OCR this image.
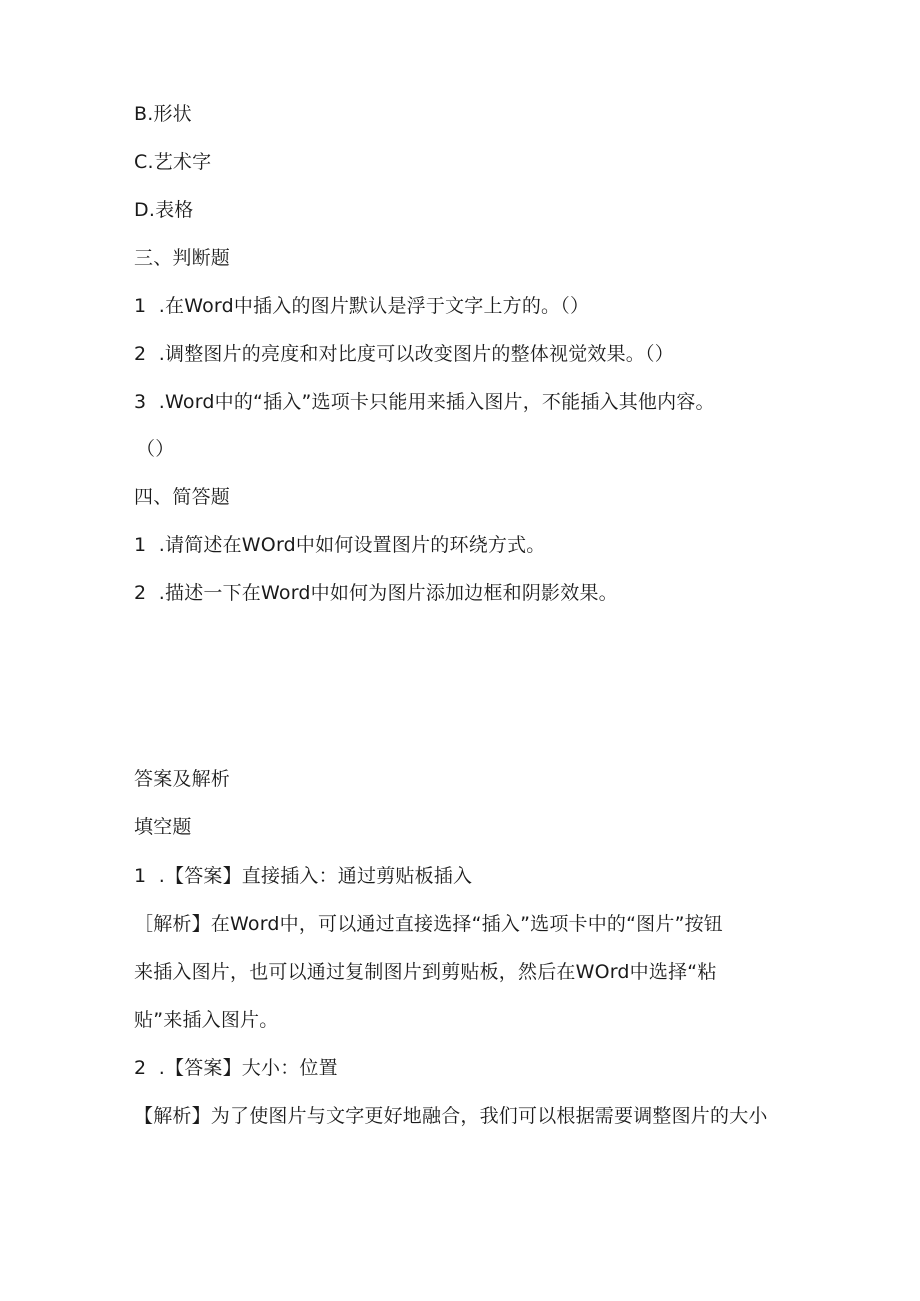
B.形状
C.艺术字
D.表格
三、判断题
1  .在Word中插入的图片默认是浮于文字上方的。（）
2  .调整图片的亮度和对比度可以改变图片的整体视觉效果。（）
3  .Word中的“插入”选项卡只能用来插入图片，不能插入其他内容。
（）
四、简答题
1  .请简述在WOrd中如何设置图片的环绕方式。
2  .描述一下在Word中如何为图片添加边框和阴影效果。
答案及解析
填空题
1  .【答案】直接插入：通过剪贴板插入
［解析】在Word中，可以通过直接选择“插入”选项卡中的“图片”按钮
来插入图片，也可以通过复制图片到剪贴板，然后在WOrd中选择“粘
贴”来插入图片。
2  .【答案】大小：位置
【解析】为了使图片与文字更好地融合，我们可以根据需要调整图片的大小
